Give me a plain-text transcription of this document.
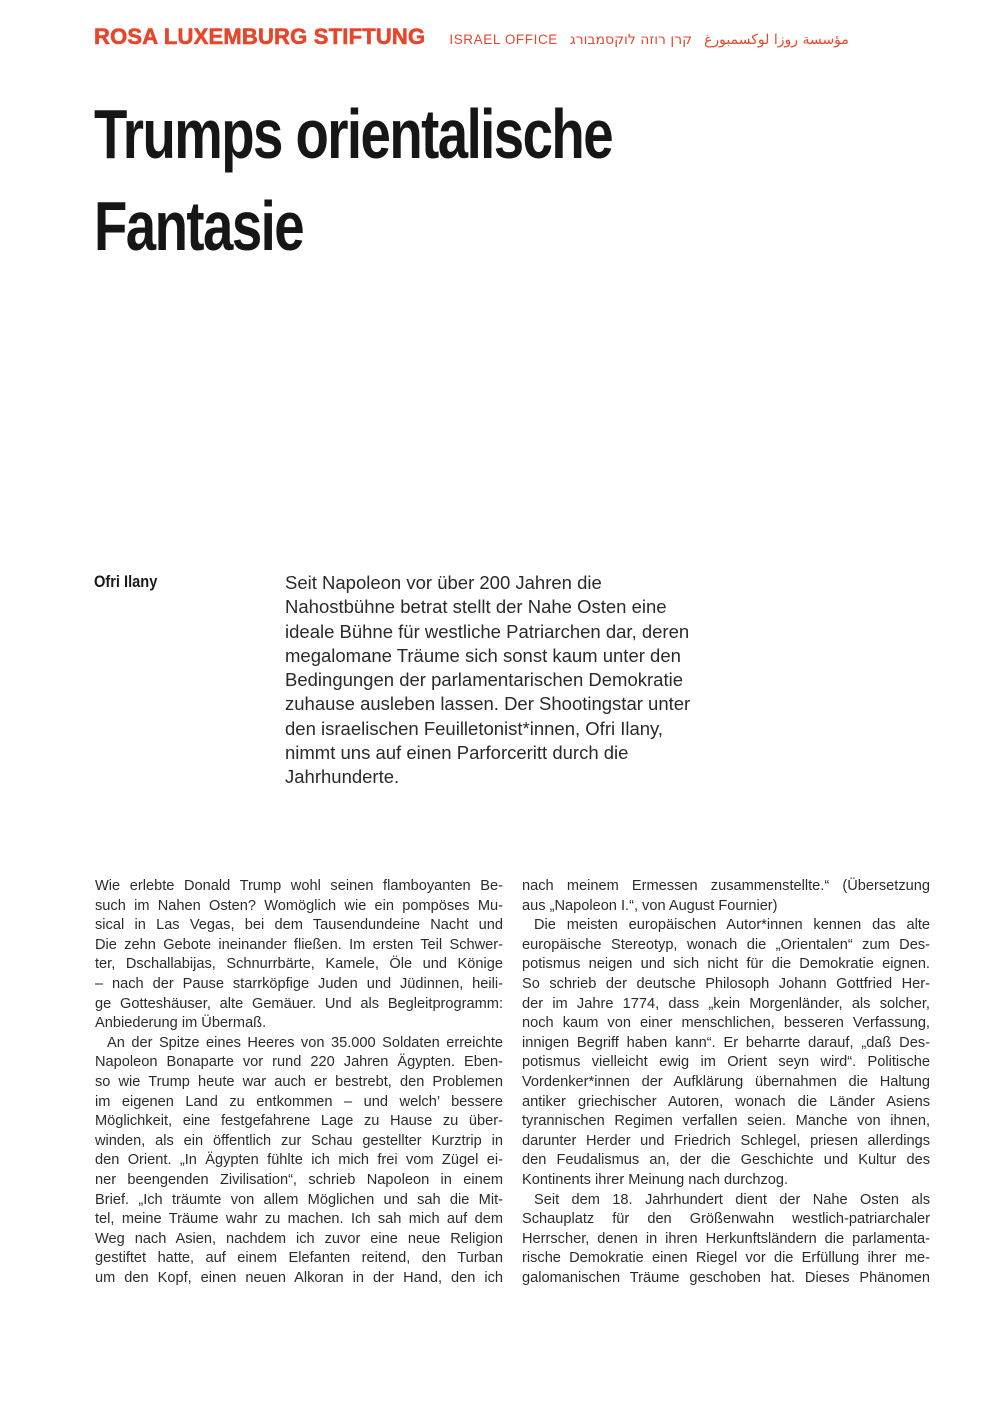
ROSA LUXEMBURG STIFTUNG ISRAEL OFFICE קרן רוזה לוקסמבורג مؤسسة روزا لوكسمبورغ
Trumps orientalische
Fantasie
Ofri Ilany	Seit Napoleon vor über 200 Jahren die
Nahostbühne betrat stellt der Nahe Osten eine
ideale Bühne für westliche Patriarchen dar, deren
megalomane Träume sich sonst kaum unter den
Bedingungen der parlamentarischen Demokratie
zuhause ausleben lassen. Der Shootingstar unter
den israelischen Feuilletonist*innen, Ofri Ilany,
nimmt uns auf einen Parforceritt durch die
Jahrhunderte.

Wie erlebte Donald Trump wohl seinen flamboyanten Be-
such im Nahen Osten? Womöglich wie ein pompöses Mu-
sical in Las Vegas, bei dem Tausendundeine Nacht und
Die zehn Gebote ineinander fließen. Im ersten Teil Schwer-
ter, Dschallabijas, Schnurrbärte, Kamele, Öle und Könige
– nach der Pause starrköpfige Juden und Jüdinnen, heili-
ge Gotteshäuser, alte Gemäuer. Und als Begleitprogramm:
Anbiederung im Übermaß.
An der Spitze eines Heeres von 35.000 Soldaten erreichte
Napoleon Bonaparte vor rund 220 Jahren Ägypten. Eben-
so wie Trump heute war auch er bestrebt, den Problemen
im eigenen Land zu entkommen – und welch’ bessere
Möglichkeit, eine festgefahrene Lage zu Hause zu über-
winden, als ein öffentlich zur Schau gestellter Kurztrip in
den Orient. „In Ägypten fühlte ich mich frei vom Zügel ei-
ner beengenden Zivilisation“, schrieb Napoleon in einem
Brief. „Ich träumte von allem Möglichen und sah die Mit-
tel, meine Träume wahr zu machen. Ich sah mich auf dem
Weg nach Asien, nachdem ich zuvor eine neue Religion
gestiftet hatte, auf einem Elefanten reitend, den Turban
um den Kopf, einen neuen Alkoran in der Hand, den ich
nach meinem Ermessen zusammenstellte.“ (Übersetzung
aus „Napoleon I.“, von August Fournier)
Die meisten europäischen Autor*innen kennen das alte
europäische Stereotyp, wonach die „Orientalen“ zum Des-
potismus neigen und sich nicht für die Demokratie eignen.
So schrieb der deutsche Philosoph Johann Gottfried Her-
der im Jahre 1774, dass „kein Morgenländer, als solcher,
noch kaum von einer menschlichen, besseren Verfassung,
innigen Begriff haben kann“. Er beharrte darauf, „daß Des-
potismus vielleicht ewig im Orient seyn wird“. Politische
Vordenker*innen der Aufklärung übernahmen die Haltung
antiker griechischer Autoren, wonach die Länder Asiens
tyrannischen Regimen verfallen seien. Manche von ihnen,
darunter Herder und Friedrich Schlegel, priesen allerdings
den Feudalismus an, der die Geschichte und Kultur des
Kontinents ihrer Meinung nach durchzog.
Seit dem 18. Jahrhundert dient der Nahe Osten als
Schauplatz für den Größenwahn westlich-patriarchaler
Herrscher, denen in ihren Herkunftsländern die parlamenta-
rische Demokratie einen Riegel vor die Erfüllung ihrer me-
galomanischen Träume geschoben hat. Dieses Phänomen
